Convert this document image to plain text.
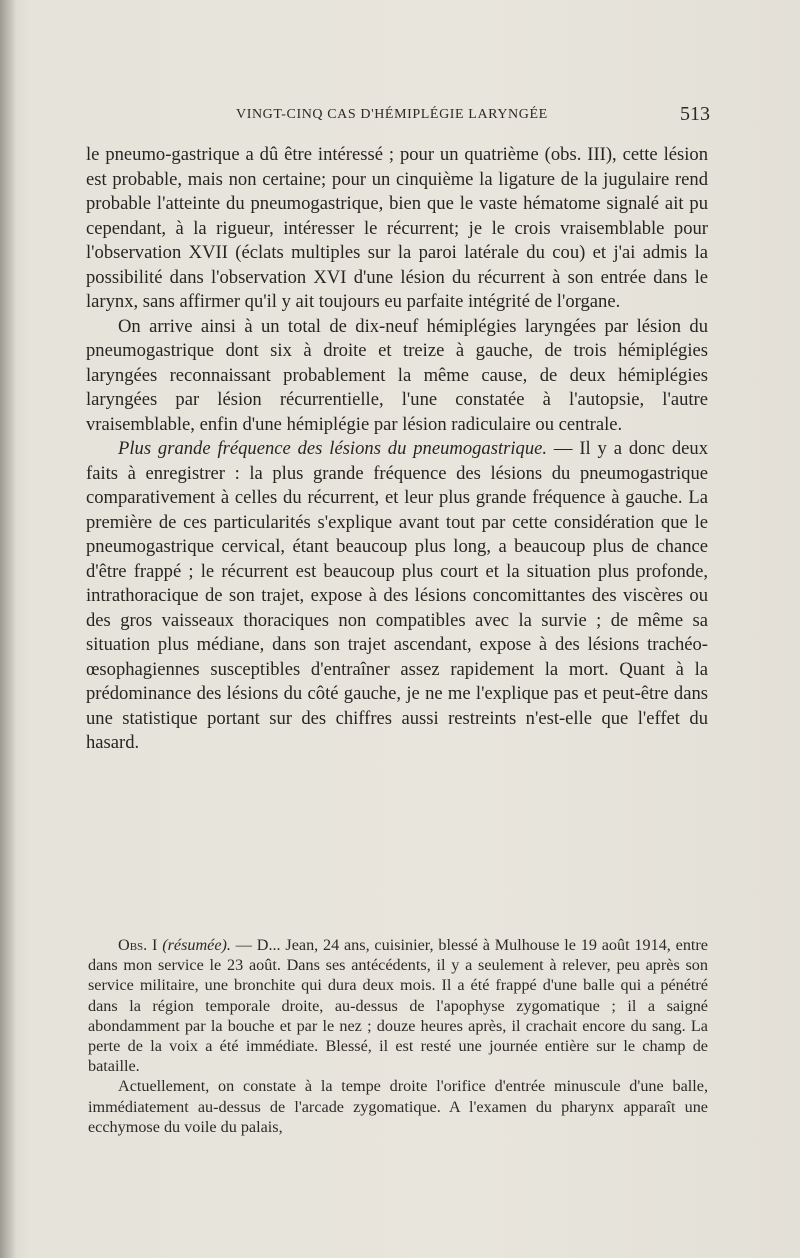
VINGT-CINQ CAS D'HÉMIPLÉGIE LARYNGÉE	513

le pneumo-gastrique a dû être intéressé ; pour un quatrième (obs. III), cette lésion est probable, mais non certaine; pour un cinquième la ligature de la jugulaire rend probable l'atteinte du pneumogastrique, bien que le vaste hématome signalé ait pu cependant, à la rigueur, intéresser le récurrent; je le crois vraisemblable pour l'observation XVII (éclats multiples sur la paroi latérale du cou) et j'ai admis la possibilité dans l'observation XVI d'une lésion du récurrent à son entrée dans le larynx, sans affirmer qu'il y ait toujours eu parfaite intégrité de l'organe.

On arrive ainsi à un total de dix-neuf hémiplégies laryngées par lésion du pneumogastrique dont six à droite et treize à gauche, de trois hémiplégies laryngées reconnaissant probablement la même cause, de deux hémiplégies laryngées par lésion récurrentielle, l'une constatée à l'autopsie, l'autre vraisemblable, enfin d'une hémiplégie par lésion radiculaire ou centrale.

Plus grande fréquence des lésions du pneumogastrique. — Il y a donc deux faits à enregistrer : la plus grande fréquence des lésions du pneumogastrique comparativement à celles du récurrent, et leur plus grande fréquence à gauche. La première de ces particularités s'explique avant tout par cette considération que le pneumogastrique cervical, étant beaucoup plus long, a beaucoup plus de chance d'être frappé ; le récurrent est beaucoup plus court et la situation plus profonde, intrathoracique de son trajet, expose à des lésions concomittantes des viscères ou des gros vaisseaux thoraciques non compatibles avec la survie ; de même sa situation plus médiane, dans son trajet ascendant, expose à des lésions trachéo-œsophagiennes susceptibles d'entraîner assez rapidement la mort. Quant à la prédominance des lésions du côté gauche, je ne me l'explique pas et peut-être dans une statistique portant sur des chiffres aussi restreints n'est-elle que l'effet du hasard.

Obs. I (résumée). — D... Jean, 24 ans, cuisinier, blessé à Mulhouse le 19 août 1914, entre dans mon service le 23 août. Dans ses antécédents, il y a seulement à relever, peu après son service militaire, une bronchite qui dura deux mois. Il a été frappé d'une balle qui a pénétré dans la région temporale droite, au-dessus de l'apophyse zygomatique ; il a saigné abondamment par la bouche et par le nez ; douze heures après, il crachait encore du sang. La perte de la voix a été immédiate. Blessé, il est resté une journée entière sur le champ de bataille.

Actuellement, on constate à la tempe droite l'orifice d'entrée minuscule d'une balle, immédiatement au-dessus de l'arcade zygomatique. A l'examen du pharynx apparaît une ecchymose du voile du palais,
